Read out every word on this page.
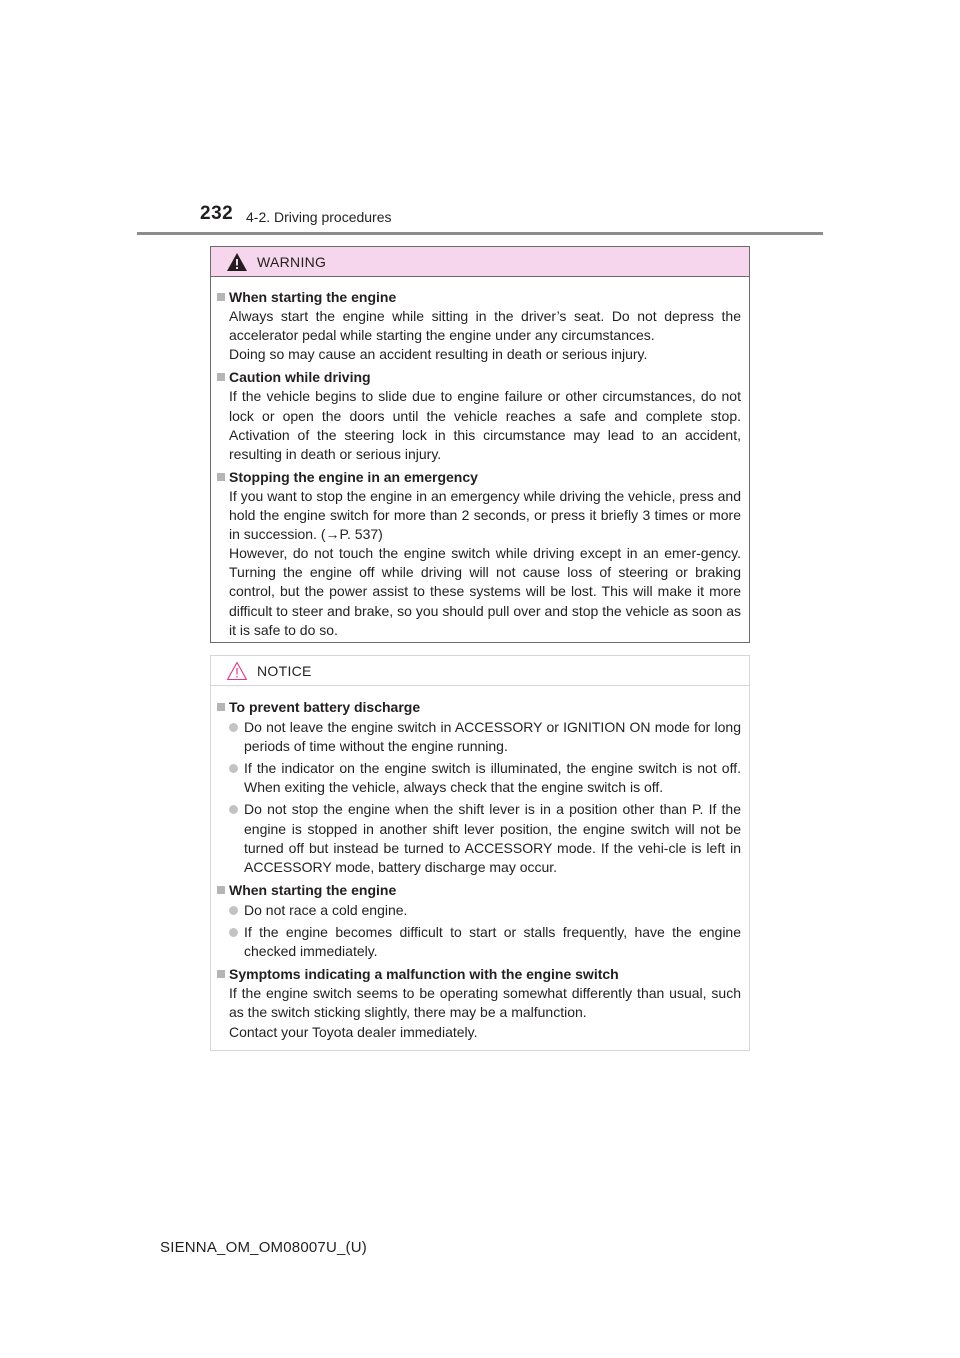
232 4-2. Driving procedures
WARNING
When starting the engine
Always start the engine while sitting in the driver’s seat. Do not depress the accelerator pedal while starting the engine under any circumstances.
Doing so may cause an accident resulting in death or serious injury.
Caution while driving
If the vehicle begins to slide due to engine failure or other circumstances, do not lock or open the doors until the vehicle reaches a safe and complete stop. Activation of the steering lock in this circumstance may lead to an accident, resulting in death or serious injury.
Stopping the engine in an emergency
If you want to stop the engine in an emergency while driving the vehicle, press and hold the engine switch for more than 2 seconds, or press it briefly 3 times or more in succession. (→P. 537)
However, do not touch the engine switch while driving except in an emer-gency. Turning the engine off while driving will not cause loss of steering or braking control, but the power assist to these systems will be lost. This will make it more difficult to steer and brake, so you should pull over and stop the vehicle as soon as it is safe to do so.
NOTICE
To prevent battery discharge
Do not leave the engine switch in ACCESSORY or IGNITION ON mode for long periods of time without the engine running.
If the indicator on the engine switch is illuminated, the engine switch is not off. When exiting the vehicle, always check that the engine switch is off.
Do not stop the engine when the shift lever is in a position other than P. If the engine is stopped in another shift lever position, the engine switch will not be turned off but instead be turned to ACCESSORY mode. If the vehi-cle is left in ACCESSORY mode, battery discharge may occur.
When starting the engine
Do not race a cold engine.
If the engine becomes difficult to start or stalls frequently, have the engine checked immediately.
Symptoms indicating a malfunction with the engine switch
If the engine switch seems to be operating somewhat differently than usual, such as the switch sticking slightly, there may be a malfunction.
Contact your Toyota dealer immediately.
SIENNA_OM_OM08007U_(U)
